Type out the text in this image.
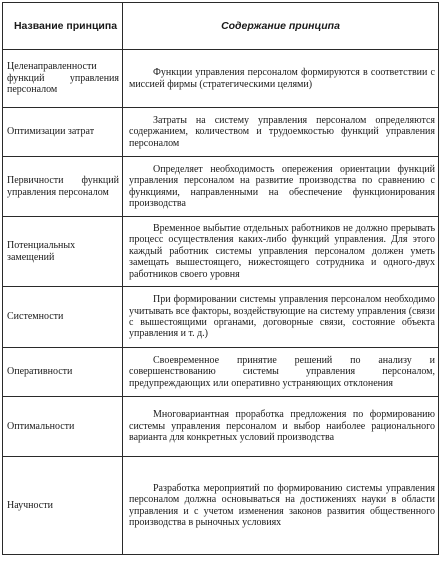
Название принципа	Содержание принципа
Целенаправленности функций управления персоналом	Функции управления персоналом формируются в соответствии с миссией фирмы (стратегическими целями)
Оптимизации затрат	Затраты на систему управления персоналом определяются содержанием, количеством и трудоемкостью функций управления персоналом
Первичности функций управления персоналом	Определяет необходимость опережения ориентации функций управления персоналом на развитие производства по сравнению с функциями, направленными на обеспечение функционирования производства
Потенциальных замещений	Временное выбытие отдельных работников не должно прерывать процесс осуществления каких-либо функций управления. Для этого каждый работник системы управления персоналом должен уметь замещать вышестоящего, нижестоящего сотрудника и одного-двух работников своего уровня
Системности	При формировании системы управления персоналом необходимо учитывать все факторы, воздействующие на систему управления (связи с вышестоящими органами, договорные связи, состояние объекта управления и т. д.)
Оперативности	Своевременное принятие решений по анализу и совершенствованию системы управления персоналом, предупреждающих или оперативно устраняющих отклонения
Оптимальности	Многовариантная проработка предложения по формированию системы управления персоналом и выбор наиболее рационального варианта для конкретных условий производства
Научности	Разработка мероприятий по формированию системы управления персоналом должна основываться на достижениях науки в области управления и с учетом изменения законов развития общественного производства в рыночных условиях
